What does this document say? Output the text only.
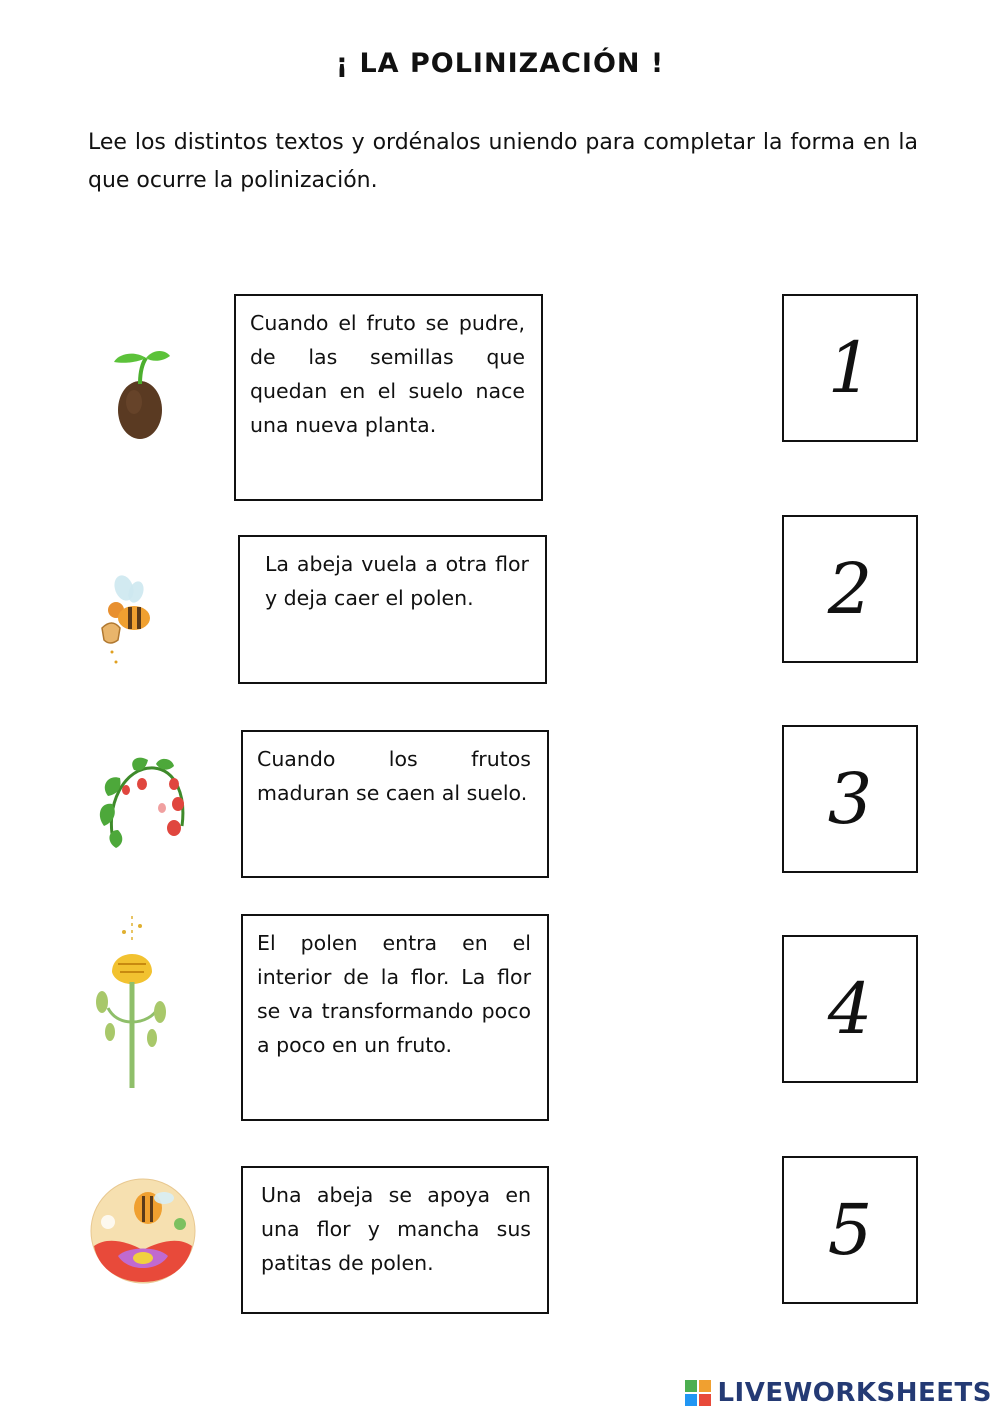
¡ LA POLINIZACIÓN !
Lee los distintos textos y ordénalos uniendo para completar la forma en la que ocurre la polinización.
Cuando el fruto se pudre, de las semillas que quedan en el suelo nace una nueva planta.
La abeja vuela a otra flor y deja caer el polen.
Cuando los frutos maduran se caen al suelo.
El polen entra en el interior de la flor. La flor se va transformando poco a poco en un fruto.
Una abeja se apoya en una flor y mancha sus patitas de polen.
1
2
3
4
5
LIVEWORKSHEETS
